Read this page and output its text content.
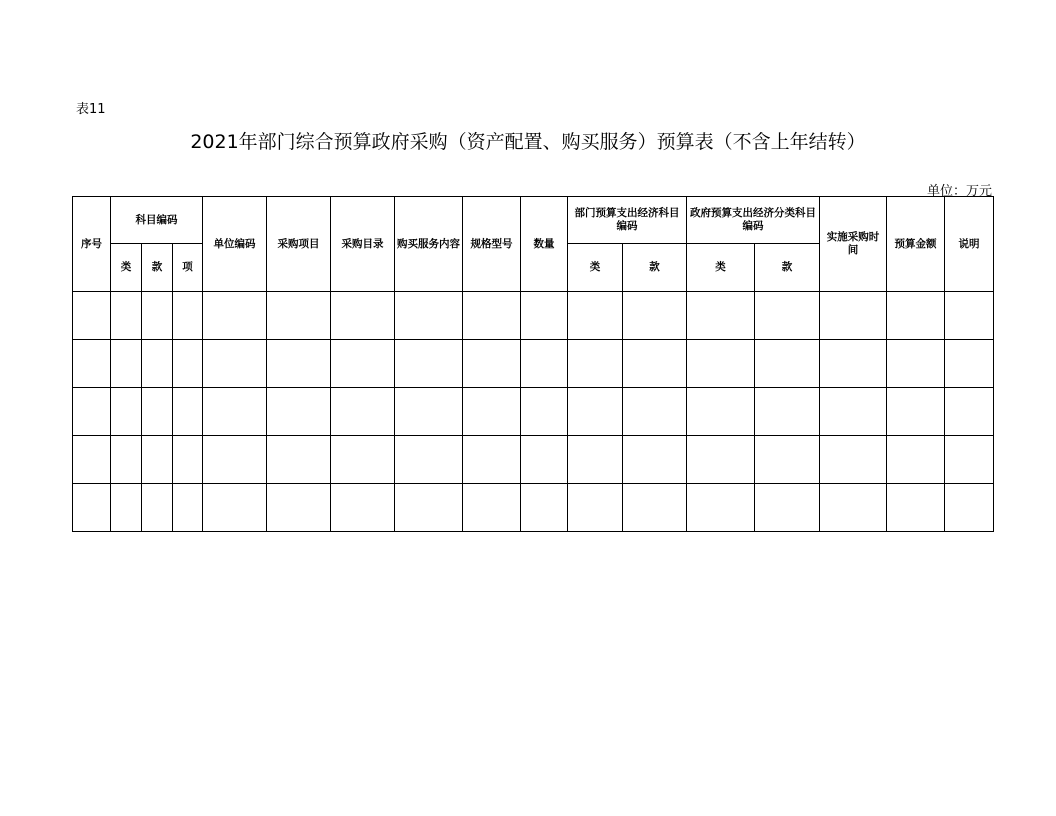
表11
2021年部门综合预算政府采购（资产配置、购买服务）预算表（不含上年结转）
单位：万元
序号	科目编码			单位编码	采购项目	采购目录	购买服务内容	规格型号	数量	部门预算支出经济科目编码		政府预算支出经济分类科目编码		实施采购时间	预算金额	说明
	类	款	项							类	款	类	款			
